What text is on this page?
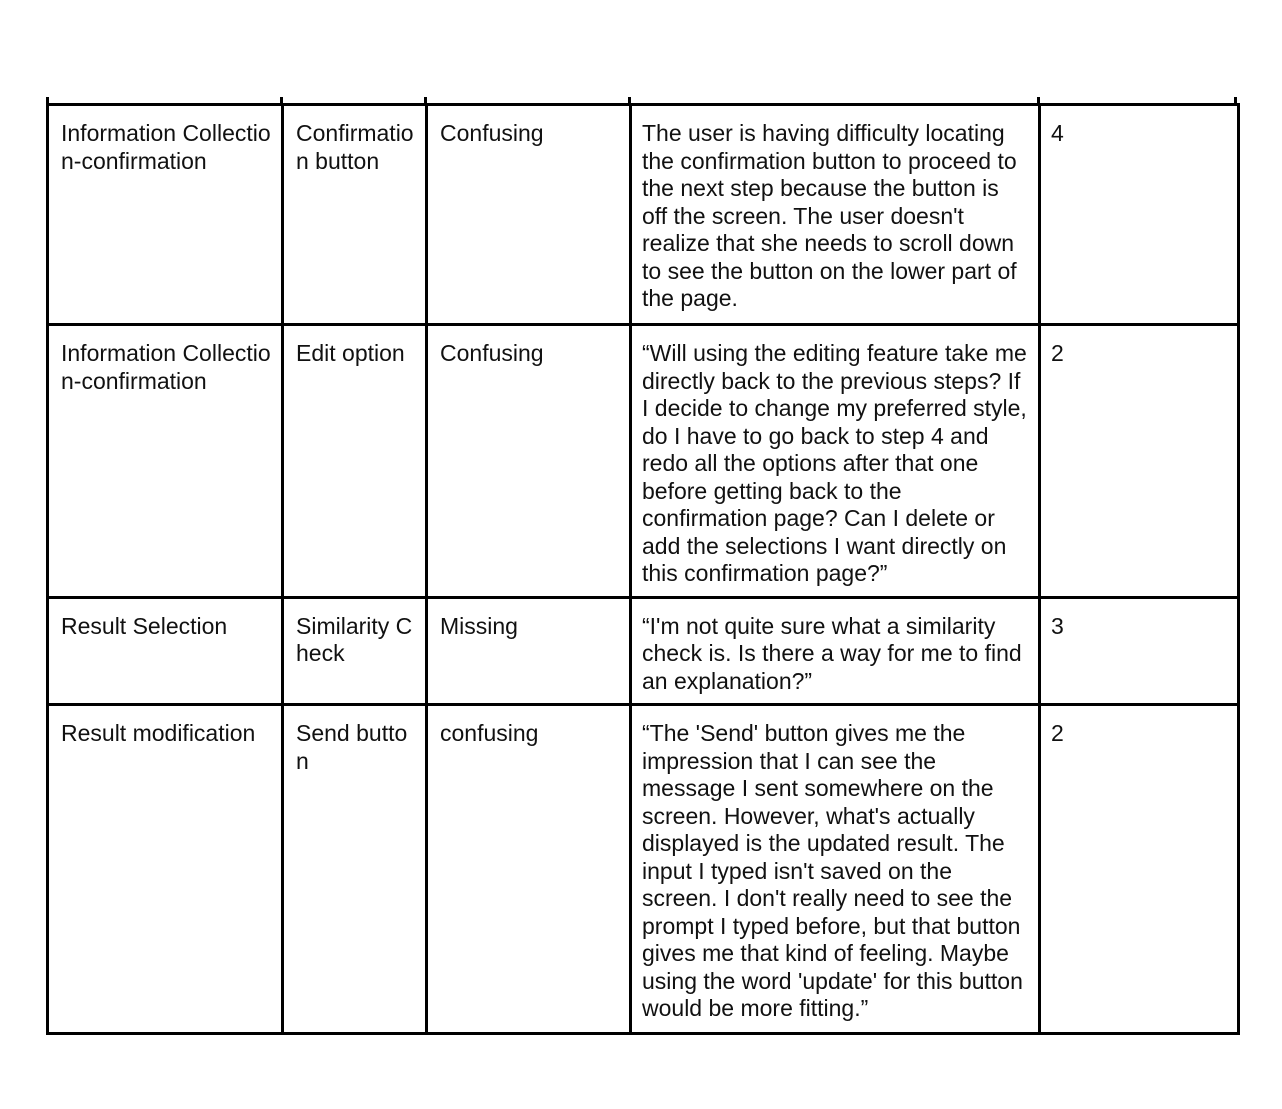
Information Collection-confirmation	Confirmation button	Confusing	The user is having difficulty locating the confirmation button to proceed to the next step because the button is off the screen. The user doesn't realize that she needs to scroll down to see the button on the lower part of the page.	4
Information Collection-confirmation	Edit option	Confusing	“Will using the editing feature take me directly back to the previous steps? If I decide to change my preferred style, do I have to go back to step 4 and redo all the options after that one before getting back to the confirmation page? Can I delete or add the selections I want directly on this confirmation page?”	2
Result Selection	Similarity Check	Missing	“I'm not quite sure what a similarity check is. Is there a way for me to find an explanation?”	3
Result modification	Send button	confusing	“The 'Send' button gives me the impression that I can see the message I sent somewhere on the screen. However, what's actually displayed is the updated result. The input I typed isn't saved on the screen. I don't really need to see the prompt I typed before, but that button gives me that kind of feeling. Maybe using the word 'update' for this button would be more fitting.”	2
